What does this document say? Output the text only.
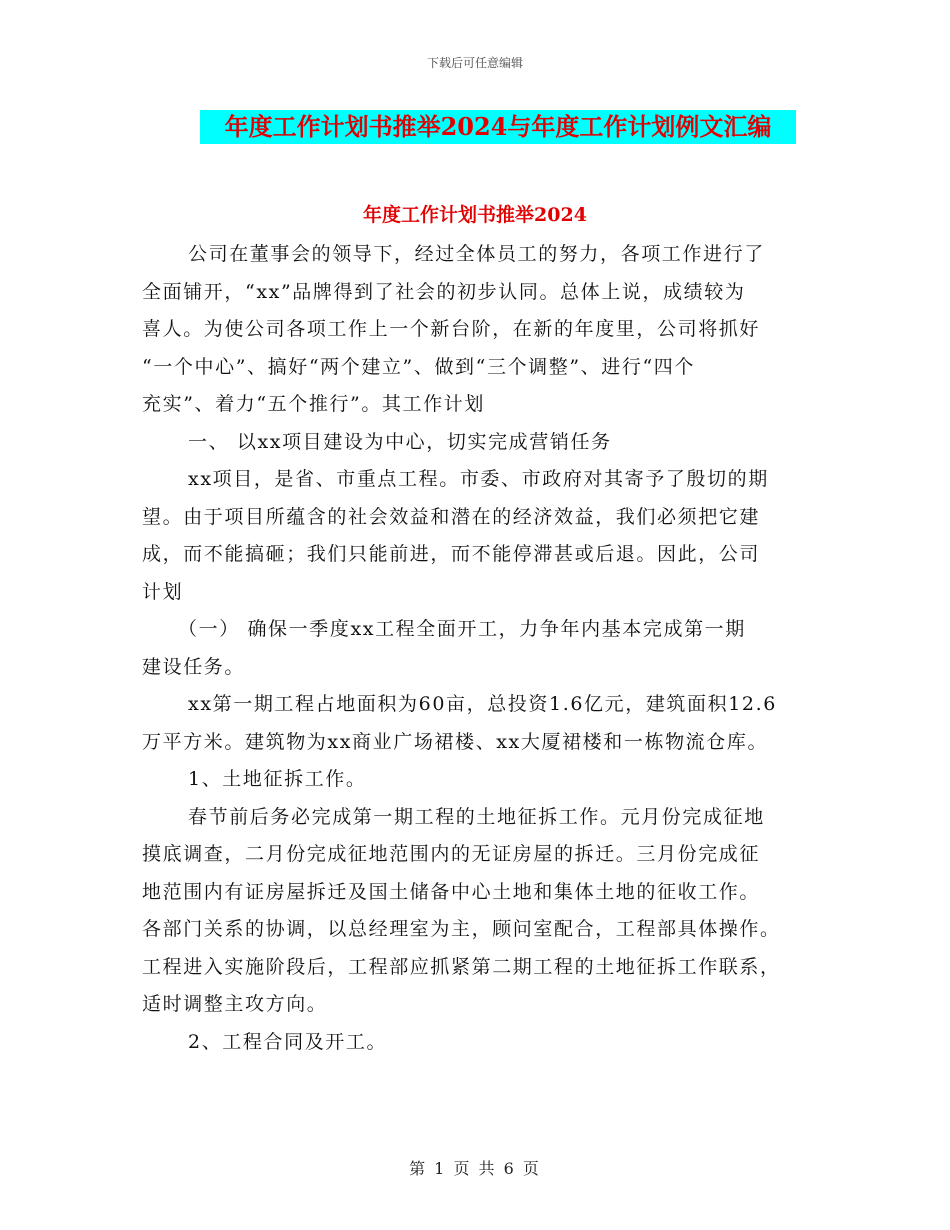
下载后可任意编辑
年度工作计划书推举2024与年度工作计划例文汇编
年度工作计划书推举2024
公司在董事会的领导下，经过全体员工的努力，各项工作进行了
全面铺开，“xx”品牌得到了社会的初步认同。总体上说，成绩较为
喜人。为使公司各项工作上一个新台阶，在新的年度里，公司将抓好
“一个中心”、搞好“两个建立”、做到“三个调整”、进行“四个
充实”、着力“五个推行”。其工作计划
一、 以xx项目建设为中心，切实完成营销任务
xx项目，是省、市重点工程。市委、市政府对其寄予了殷切的期
望。由于项目所蕴含的社会效益和潜在的经济效益，我们必须把它建
成，而不能搞砸；我们只能前进，而不能停滞甚或后退。因此，公司
计划
（一） 确保一季度xx工程全面开工，力争年内基本完成第一期
建设任务。
xx第一期工程占地面积为60亩，总投资1.6亿元，建筑面积12.6
万平方米。建筑物为xx商业广场裙楼、xx大厦裙楼和一栋物流仓库。
1、土地征拆工作。
春节前后务必完成第一期工程的土地征拆工作。元月份完成征地
摸底调查，二月份完成征地范围内的无证房屋的拆迁。三月份完成征
地范围内有证房屋拆迁及国土储备中心土地和集体土地的征收工作。
各部门关系的协调，以总经理室为主，顾问室配合，工程部具体操作。
工程进入实施阶段后，工程部应抓紧第二期工程的土地征拆工作联系，
适时调整主攻方向。
2、工程合同及开工。
第 1 页 共 6 页
